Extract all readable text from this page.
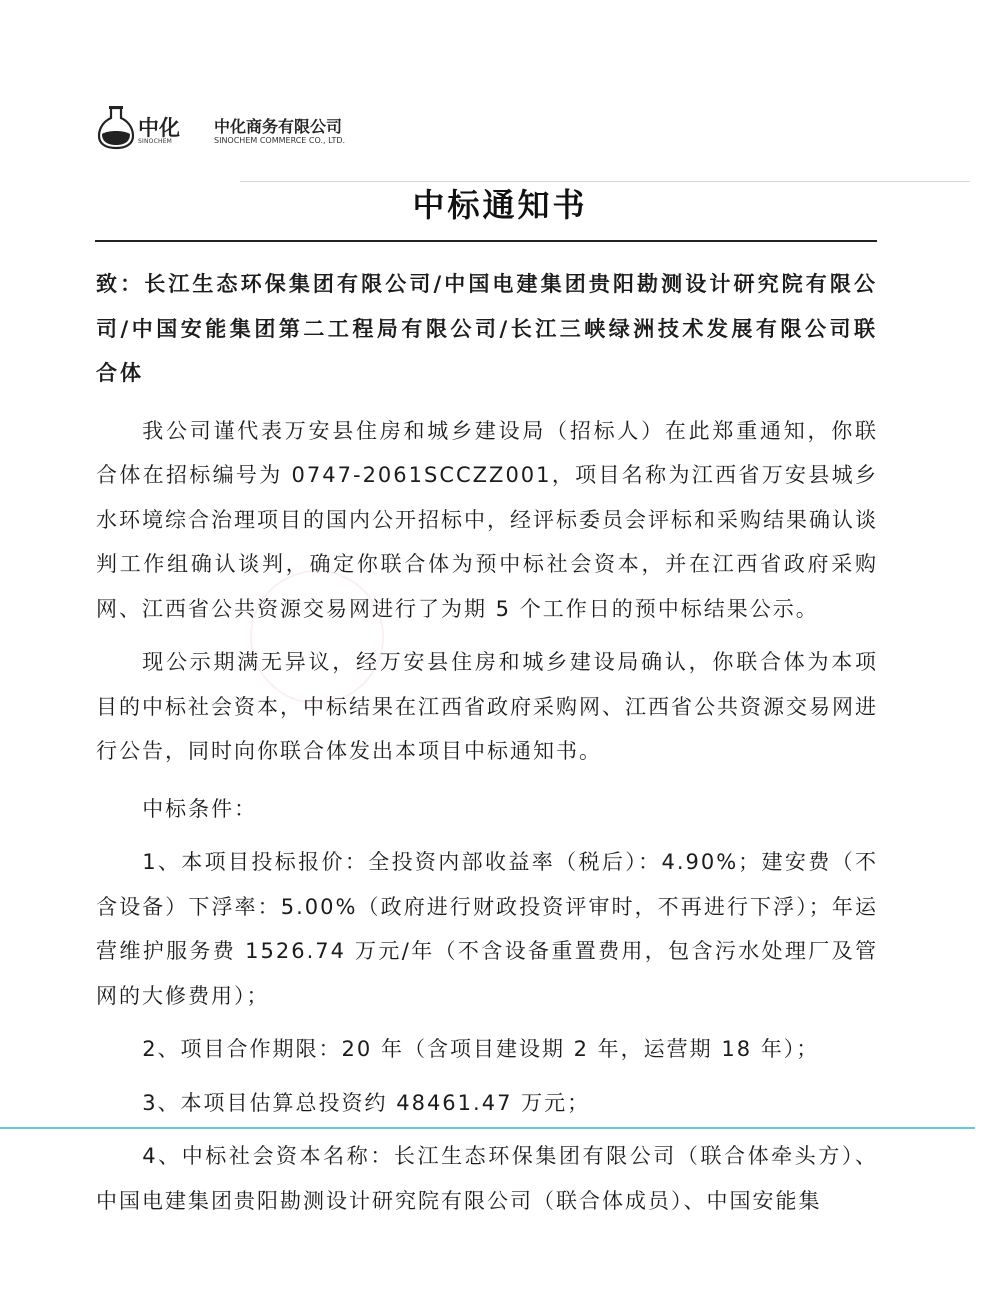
中化
SINOCHEM
中化商务有限公司
SINOCHEM COMMERCE CO., LTD.
中标通知书

致：长江生态环保集团有限公司/中国电建集团贵阳勘测设计研究院有限公司/中国安能集团第二工程局有限公司/长江三峡绿洲技术发展有限公司联合体

我公司谨代表万安县住房和城乡建设局（招标人）在此郑重通知，你联合体在招标编号为 0747-2061SCCZZ001，项目名称为江西省万安县城乡水环境综合治理项目的国内公开招标中，经评标委员会评标和采购结果确认谈判工作组确认谈判，确定你联合体为预中标社会资本，并在江西省政府采购网、江西省公共资源交易网进行了为期 5 个工作日的预中标结果公示。

现公示期满无异议，经万安县住房和城乡建设局确认，你联合体为本项目的中标社会资本，中标结果在江西省政府采购网、江西省公共资源交易网进行公告，同时向你联合体发出本项目中标通知书。

中标条件：

1、本项目投标报价：全投资内部收益率（税后）：4.90%；建安费（不含设备）下浮率：5.00%（政府进行财政投资评审时，不再进行下浮）；年运营维护服务费 1526.74 万元/年（不含设备重置费用，包含污水处理厂及管网的大修费用）；

2、项目合作期限：20 年（含项目建设期 2 年，运营期 18 年）；

3、本项目估算总投资约 48461.47 万元；

4、中标社会资本名称：长江生态环保集团有限公司（联合体牵头方）、中国电建集团贵阳勘测设计研究院有限公司（联合体成员）、中国安能集
